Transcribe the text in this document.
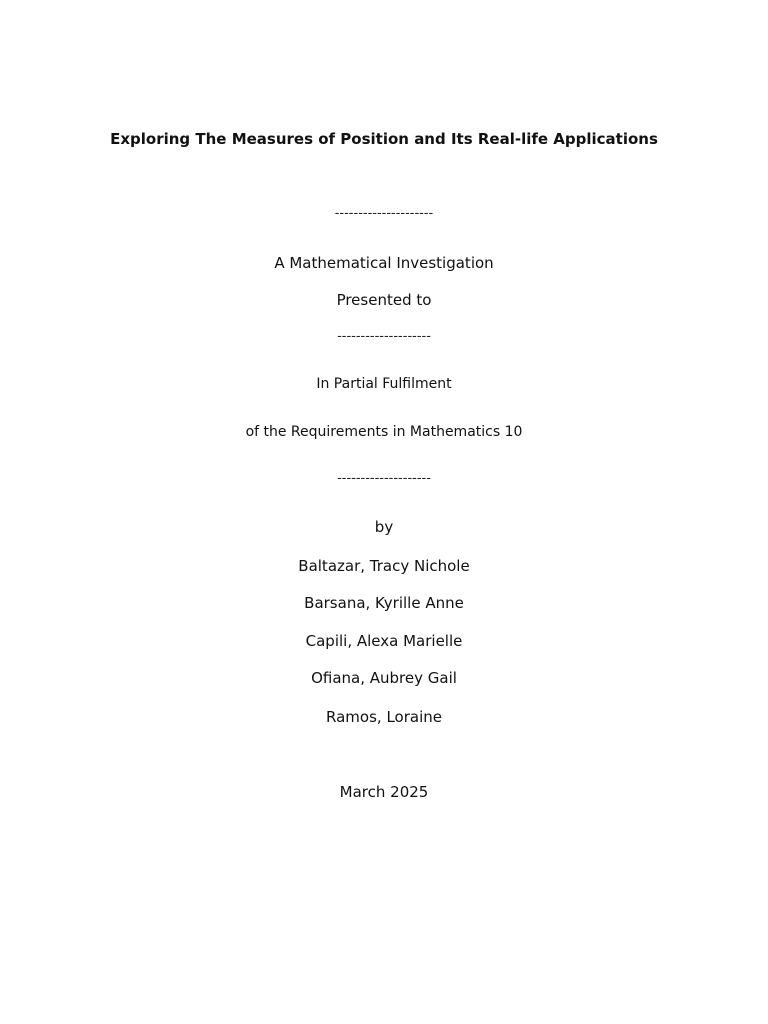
Exploring The Measures of Position and Its Real-life Applications
---------------------
A Mathematical Investigation
Presented to
--------------------
In Partial Fulfilment
of the Requirements in Mathematics 10
--------------------
by
Baltazar, Tracy Nichole
Barsana, Kyrille Anne
Capili, Alexa Marielle
Ofiana, Aubrey Gail
Ramos, Loraine
March 2025
